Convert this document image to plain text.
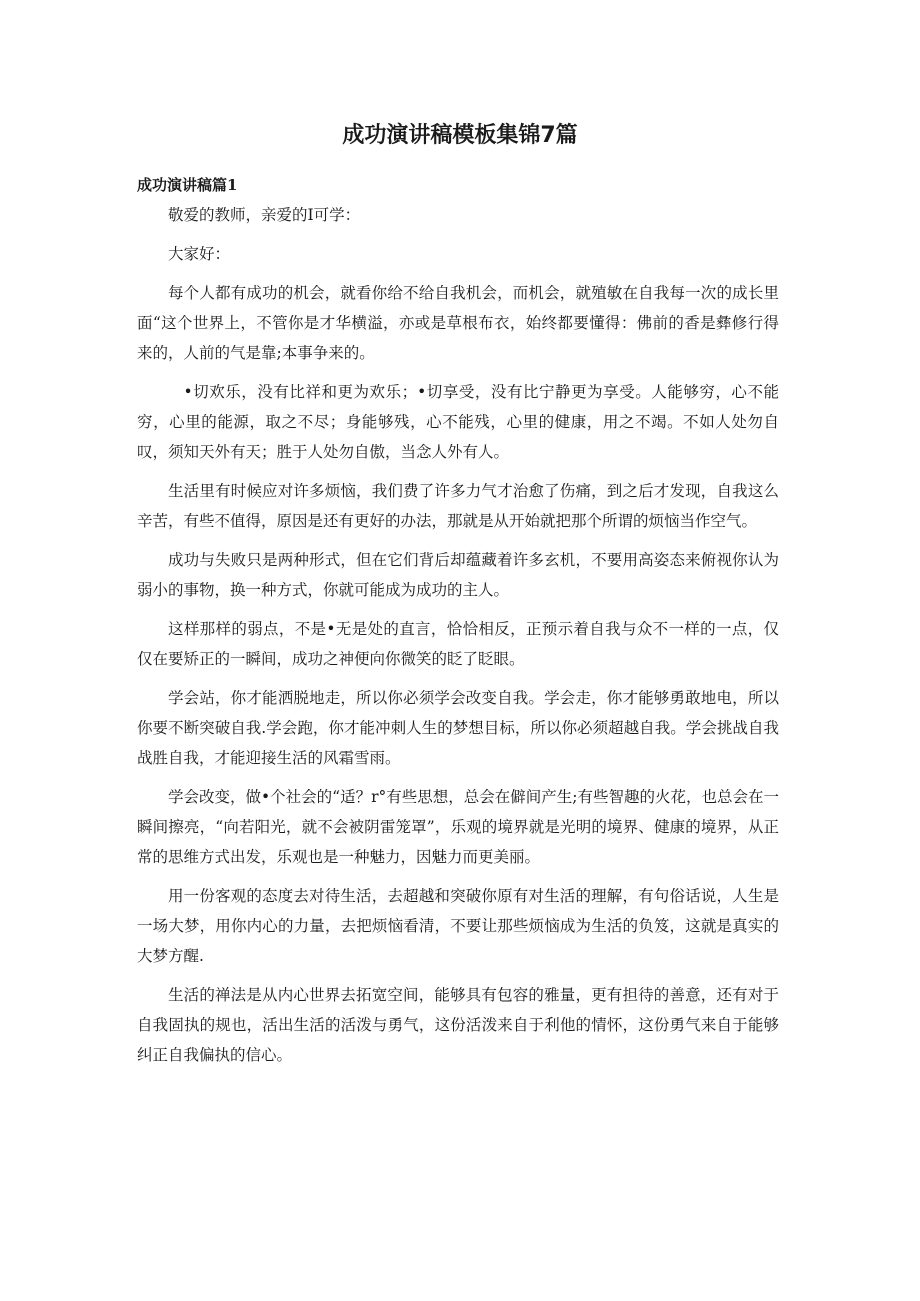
成功演讲稿模板集锦7篇
成功演讲稿篇1

敬爱的教师，亲爱的I可学：

大家好：

每个人都有成功的机会，就看你给不给自我机会，而机会，就殖敏在自我每一次的成长里面“这个世界上，不管你是才华横溢，亦或是草根布衣，始终都要懂得：佛前的香是彝修行得来的，人前的气是靠;本事争来的。

•切欢乐，没有比祥和更为欢乐；•切享受，没有比宁静更为享受。人能够穷，心不能穷，心里的能源，取之不尽；身能够残，心不能残，心里的健康，用之不竭。不如人处勿自叹，须知天外有天；胜于人处勿自傲，当念人外有人。

生活里有时候应对许多烦恼，我们费了许多力气才治愈了伤痛，到之后才发现，自我这么辛苦，有些不值得，原因是还有更好的办法，那就是从开始就把那个所谓的烦恼当作空气。

成功与失败只是两种形式，但在它们背后却蕴藏着许多玄机，不要用高姿态来俯视你认为弱小的事物，换一种方式，你就可能成为成功的主人。

这样那样的弱点，不是•无是处的直言，恰恰相反，正预示着自我与众不一样的一点，仅仅在要矫正的一瞬间，成功之神便向你微笑的眨了眨眼。

学会站，你才能洒脱地走，所以你必须学会改变自我。学会走，你才能够勇敢地电，所以你要不断突破自我.学会跑，你才能冲刺人生的梦想目标，所以你必须超越自我。学会挑战自我战胜自我，才能迎接生活的风霜雪雨。

学会改变，做•个社会的“适？r°有些思想，总会在僻间产生;有些智趣的火花，也总会在一瞬间擦亮，“向若阳光，就不会被阴雷笼罩”，乐观的境界就是光明的境界、健康的境界，从正常的思维方式出发，乐观也是一种魅力，因魅力而更美丽。

用一份客观的态度去对待生活，去超越和突破你原有对生活的理解，有句俗话说，人生是一场大梦，用你内心的力量，去把烦恼看清，不要让那些烦恼成为生活的负笈，这就是真实的大梦方醒.

生活的禅法是从内心世界去拓宽空间，能够具有包容的雅量，更有担待的善意，还有对于自我固执的规也，活出生活的活泼与勇气，这份活泼来自于利他的情怀，这份勇气来自于能够纠正自我偏执的信心。
